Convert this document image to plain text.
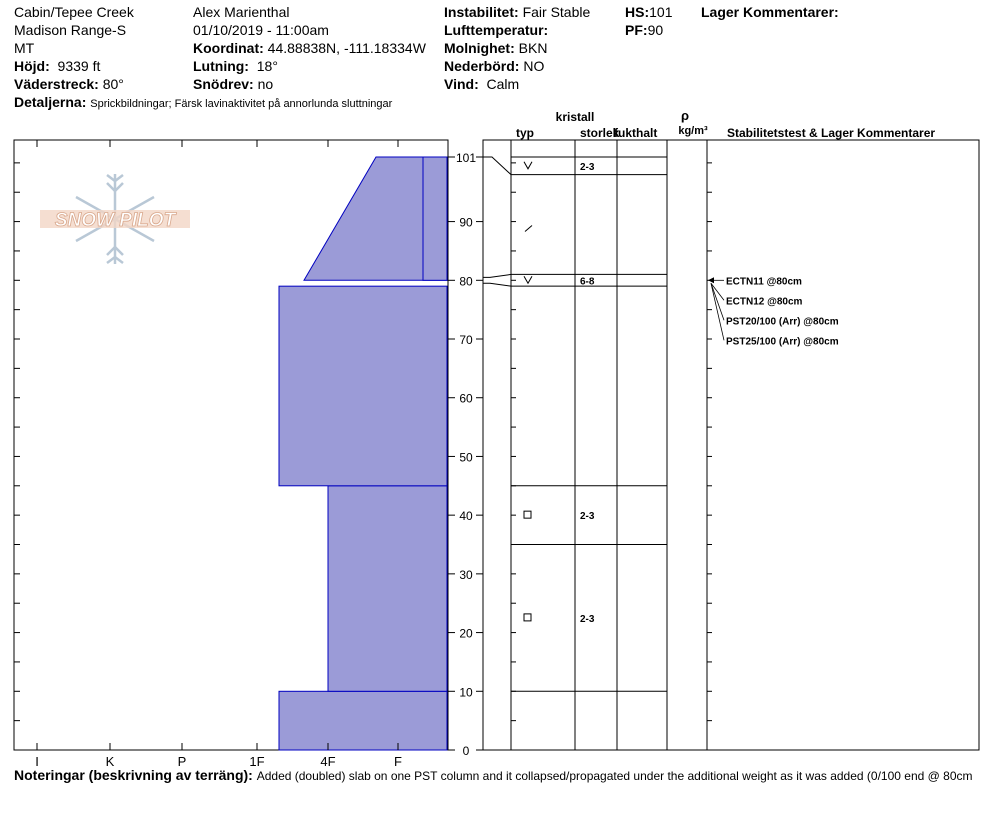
Cabin/Tepee Creek
Madison Range-S
MT
Höjd: 9339 ft
Väderstreck: 80°
Detaljerna: Sprickbildningar; Färsk lavinaktivitet på annorlunda sluttningar
Alex Marienthal
01/10/2019 - 11:00am
Koordinat: 44.88838N, -111.18334W
Lutning: 18°
Snödrev: no
Instabilitet: Fair Stable
Lufttemperatur:
Molnighet: BKN
Nederbörd: NO
Vind: Calm
HS:101
PF:90
Lager Kommentarer:
I	K	P	1F	4F	F
SNOW PILOT
0
10
20
30
40
50
60
70
80
90
101
2-3
6-8
2-3
2-3
ECTN11 @80cm
ECTN12 @80cm
PST20/100 (Arr) @80cm
PST25/100 (Arr) @80cm
kristall
typ	storlek
fukthalt
ρ
kg/m³ Stabilitetstest & Lager Kommentarer
Noteringar (beskrivning av terräng): Added (doubled) slab on one PST column and it collapsed/propagated under the additional weight as it was added (0/100 end @ 80cm
